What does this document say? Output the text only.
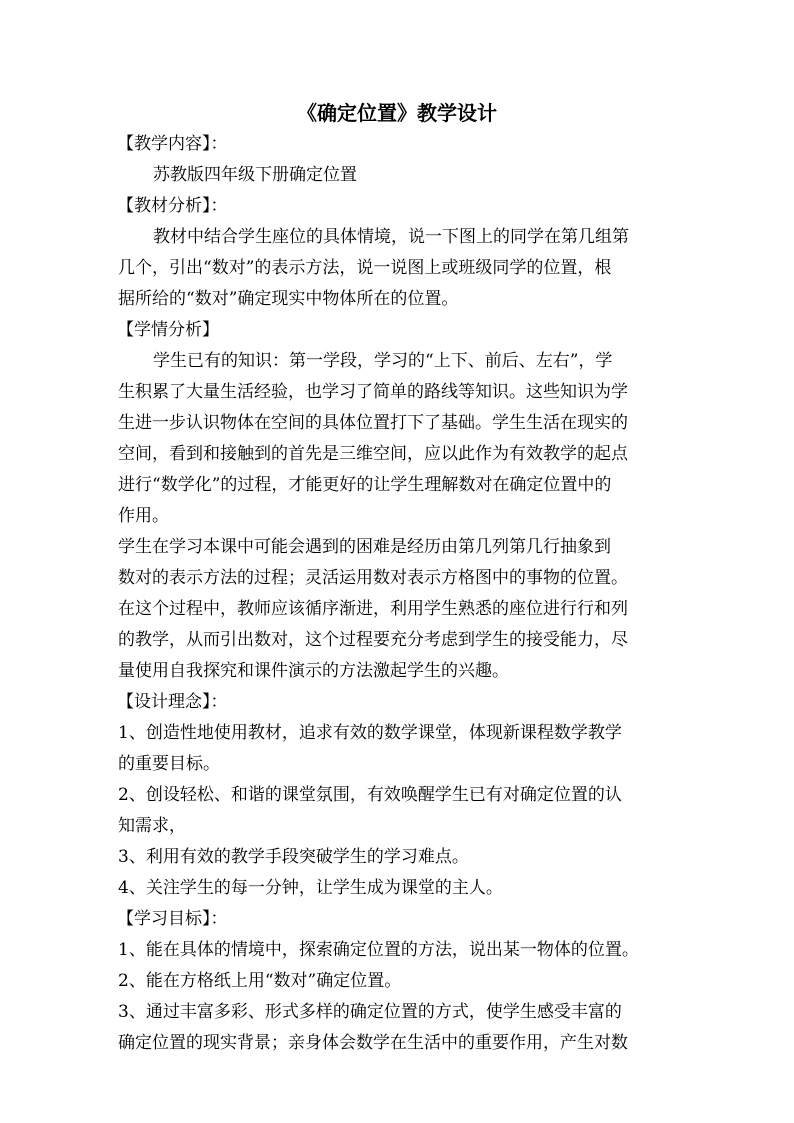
《确定位置》教学设计
【教学内容】：
苏教版四年级下册确定位置
【教材分析】：
教材中结合学生座位的具体情境，说一下图上的同学在第几组第
几个，引出“数对”的表示方法，说一说图上或班级同学的位置，根
据所给的“数对”确定现实中物体所在的位置。
【学情分析】
学生已有的知识：第一学段，学习的“上下、前后、左右”，学
生积累了大量生活经验，也学习了简单的路线等知识。这些知识为学
生进一步认识物体在空间的具体位置打下了基础。学生生活在现实的
空间，看到和接触到的首先是三维空间，应以此作为有效教学的起点
进行“数学化”的过程，才能更好的让学生理解数对在确定位置中的
作用。
学生在学习本课中可能会遇到的困难是经历由第几列第几行抽象到
数对的表示方法的过程；灵活运用数对表示方格图中的事物的位置。
在这个过程中，教师应该循序渐进，利用学生熟悉的座位进行行和列
的教学，从而引出数对，这个过程要充分考虑到学生的接受能力，尽
量使用自我探究和课件演示的方法激起学生的兴趣。
【设计理念】：
1、创造性地使用教材，追求有效的数学课堂，体现新课程数学教学
的重要目标。
2、创设轻松、和谐的课堂氛围，有效唤醒学生已有对确定位置的认
知需求，
3、利用有效的教学手段突破学生的学习难点。
4、关注学生的每一分钟，让学生成为课堂的主人。
【学习目标】：
1、能在具体的情境中，探索确定位置的方法，说出某一物体的位置。
2、能在方格纸上用“数对”确定位置。
3、通过丰富多彩、形式多样的确定位置的方式，使学生感受丰富的
确定位置的现实背景；亲身体会数学在生活中的重要作用，产生对数
